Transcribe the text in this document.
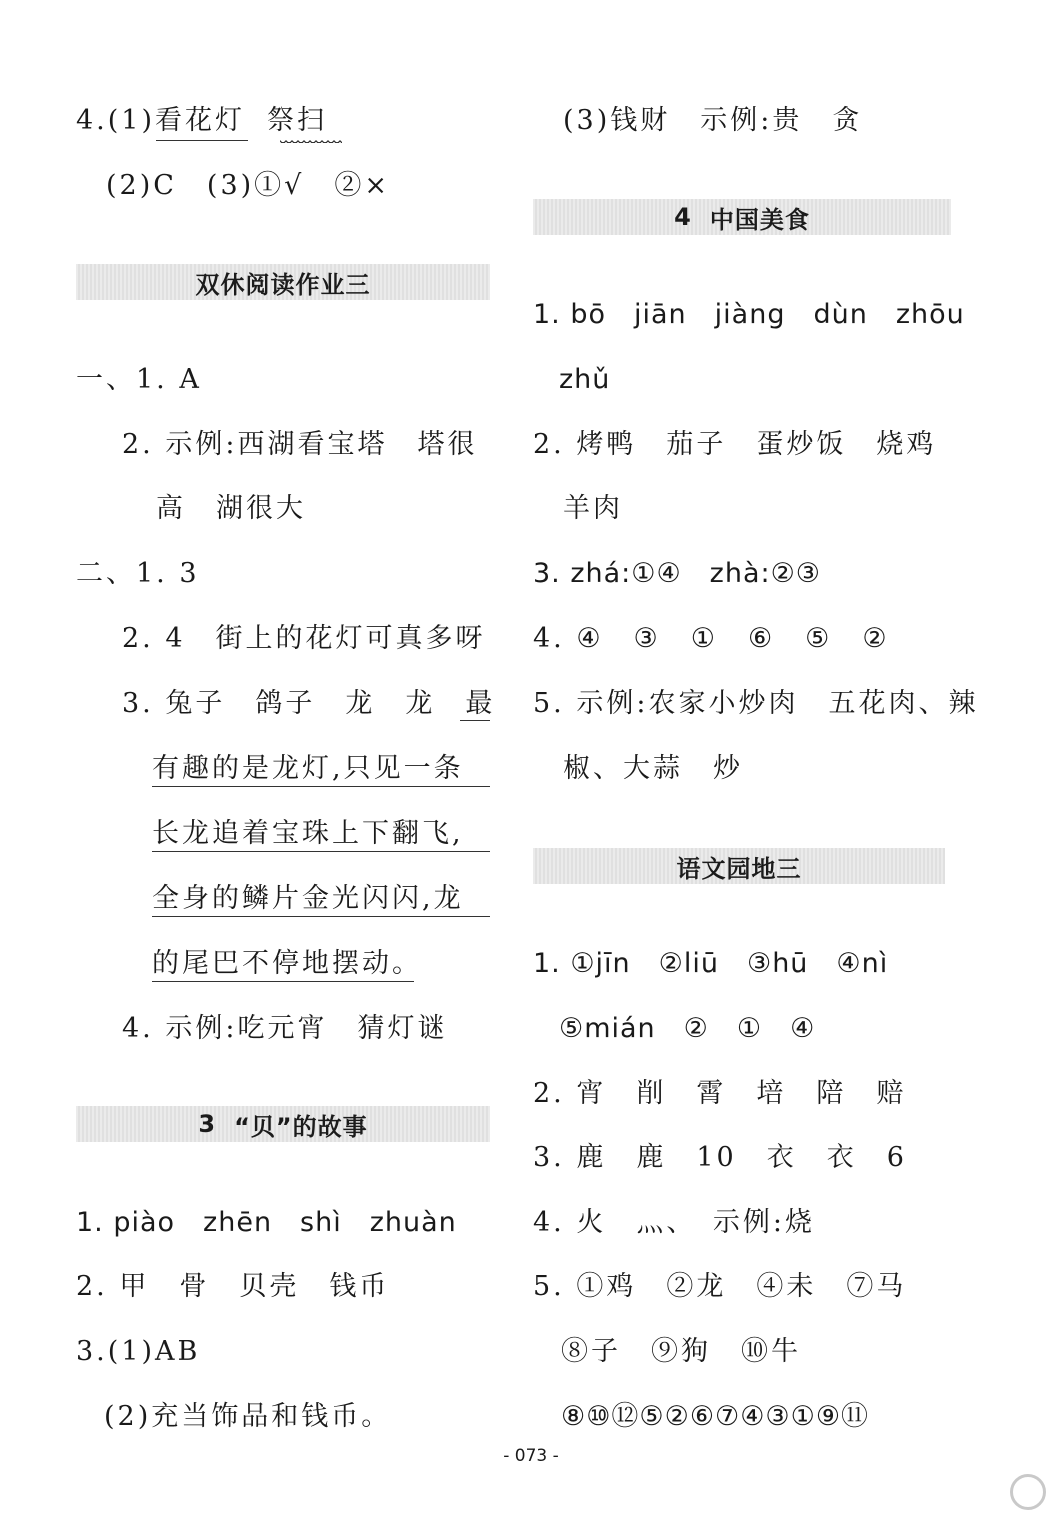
4.(1)看花灯 祭扫
(2)C　(3)①√　②×
双休阅读作业三
一、1. A
2. 示例:西湖看宝塔　塔很
高　湖很大
二、1. 3
2. 4　街上的花灯可真多呀
3. 兔子　鸽子　龙　龙　最
有趣的是龙灯,只见一条
长龙追着宝珠上下翻飞,
全身的鳞片金光闪闪,龙
的尾巴不停地摆动。
4. 示例:吃元宵　猜灯谜
3 “贝”的故事
1. piào　zhēn　shì　zhuàn
2. 甲　骨　贝壳　钱币
3.(1)AB
(2)充当饰品和钱币。
(3)钱财　示例:贵　贪
4 中国美食
1. bō　jiān　jiàng　dùn　zhōu
zhǔ
2. 烤鸭　茄子　蛋炒饭　烧鸡
羊肉
3. zhá:①④　zhà:②③
4. ④　③　①　⑥　⑤　②
5. 示例:农家小炒肉　五花肉、辣
椒、大蒜　炒
语文园地三
1. ①jīn　②liū　③hū　④nì
⑤mián　②　①　④
2. 宵　削　霄　培　陪　赔
3. 鹿　鹿　10　衣　衣　6
4. 火　灬、　示例:烧
5. ①鸡　②龙　④未　⑦马
⑧子　⑨狗　⑩牛
⑧⑩⑫⑤②⑥⑦④③①⑨⑪
- 073 -
